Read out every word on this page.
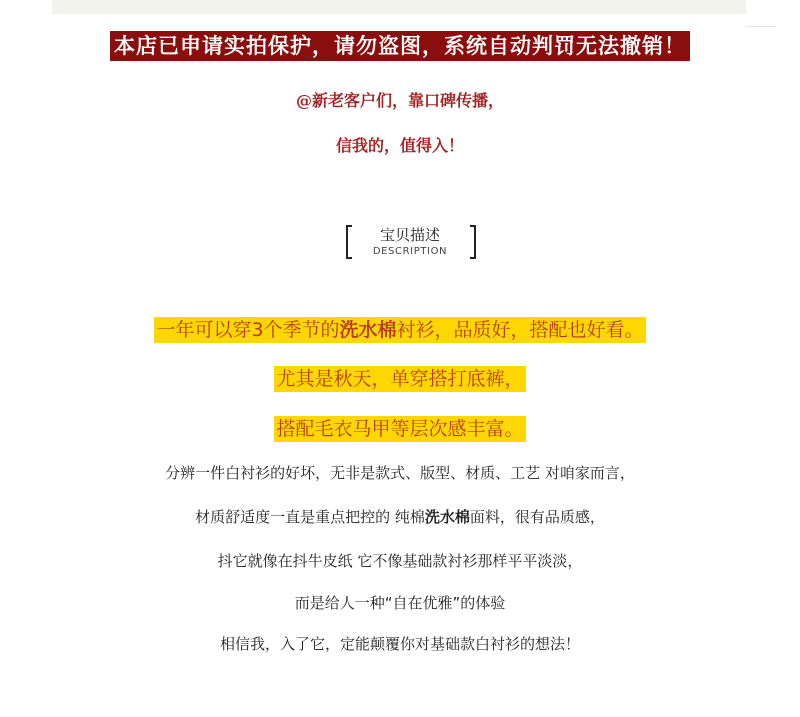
本店已申请实拍保护，请勿盗图，系统自动判罚无法撤销！
@新老客户们，靠口碑传播，
信我的，值得入！
宝贝描述
DESCRIPTION
一年可以穿3个季节的洗水棉衬衫，品质好，搭配也好看。
尤其是秋天，单穿搭打底裤，
搭配毛衣马甲等层次感丰富。
分辨一件白衬衫的好坏，无非是款式、版型、材质、工艺 对咱家而言，
材质舒适度一直是重点把控的 纯棉洗水棉面料，很有品质感，
抖它就像在抖牛皮纸 它不像基础款衬衫那样平平淡淡，
而是给人一种“自在优雅”的体验
相信我，入了它，定能颠覆你对基础款白衬衫的想法！
